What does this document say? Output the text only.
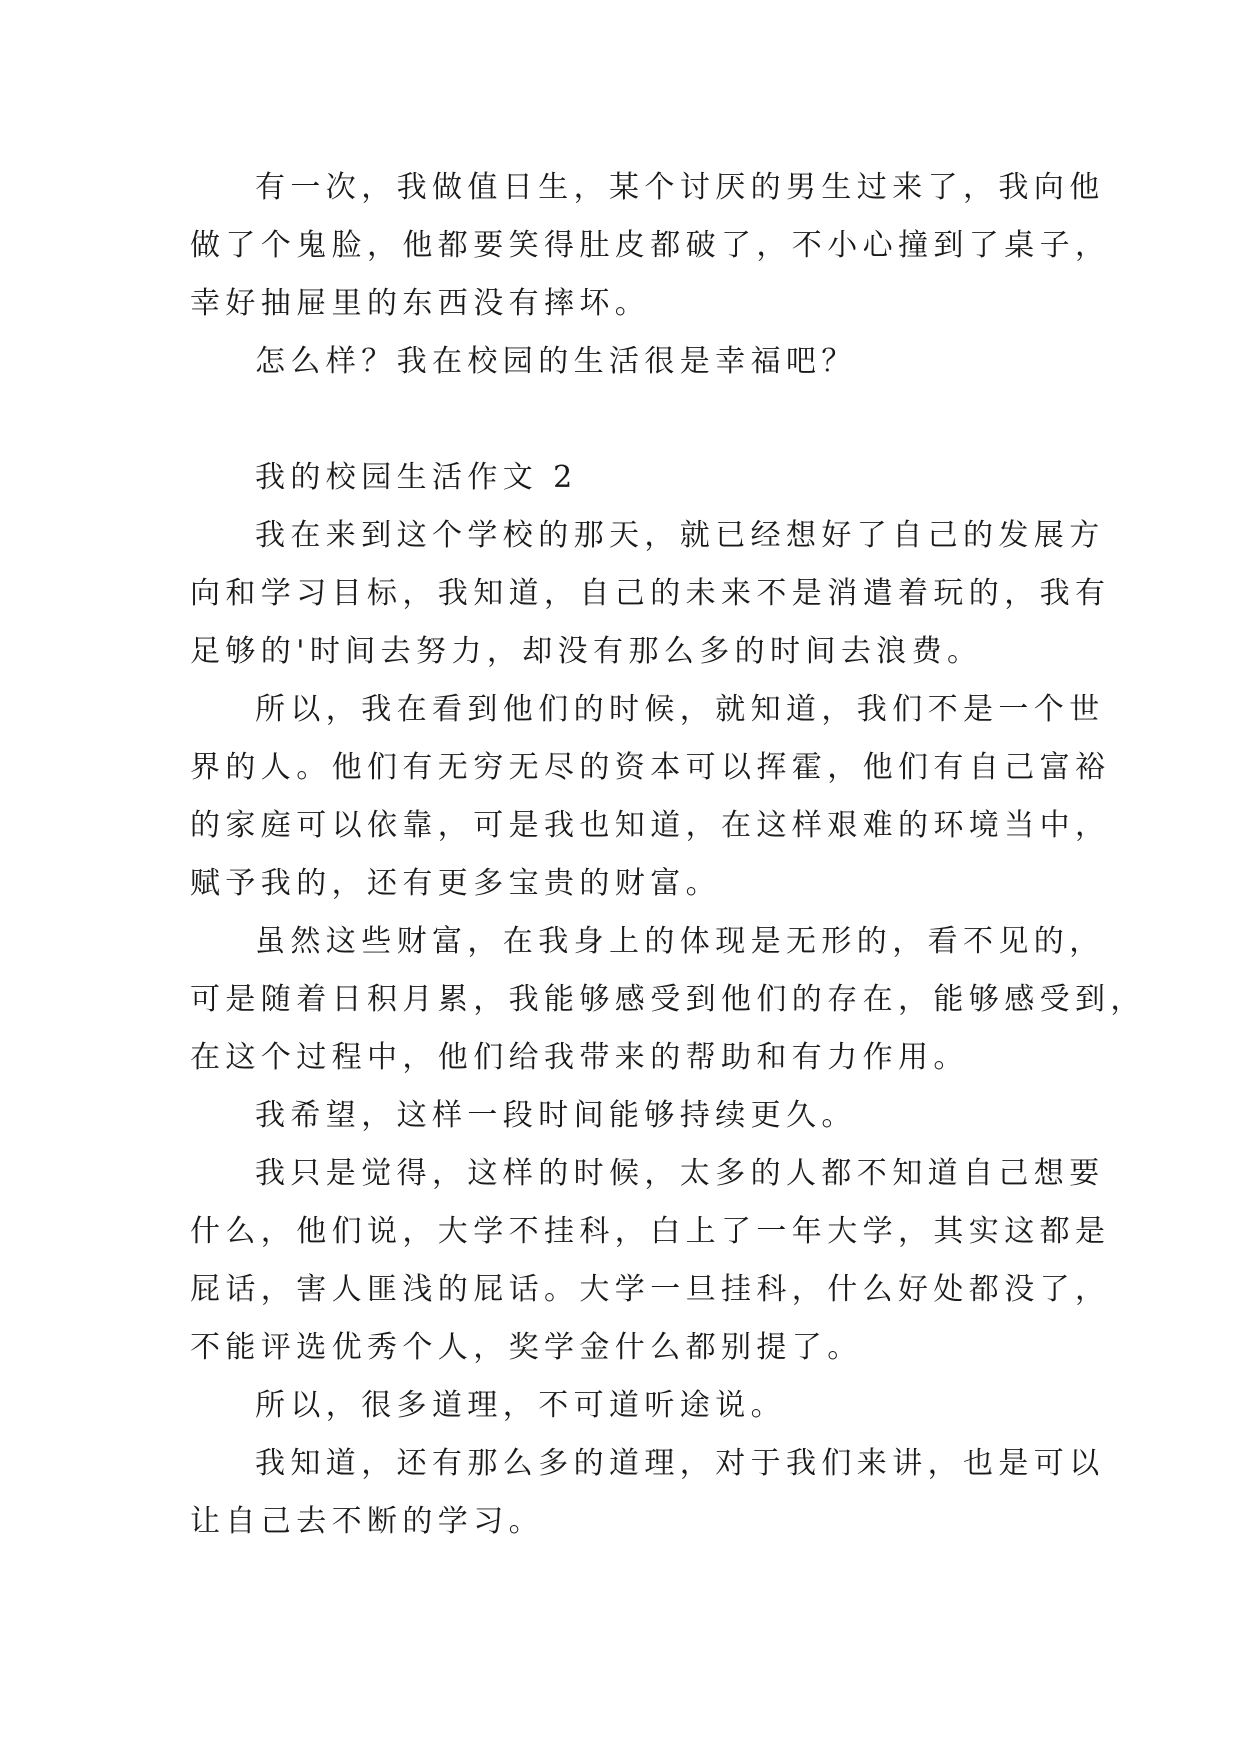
有一次，我做值日生，某个讨厌的男生过来了，我向他
做了个鬼脸，他都要笑得肚皮都破了，不小心撞到了桌子，
幸好抽屉里的东西没有摔坏。
怎么样？我在校园的生活很是幸福吧？
我的校园生活作文 2
我在来到这个学校的那天，就已经想好了自己的发展方
向和学习目标，我知道，自己的未来不是消遣着玩的，我有
足够的'时间去努力，却没有那么多的时间去浪费。
所以，我在看到他们的时候，就知道，我们不是一个世
界的人。他们有无穷无尽的资本可以挥霍，他们有自己富裕
的家庭可以依靠，可是我也知道，在这样艰难的环境当中，
赋予我的，还有更多宝贵的财富。
虽然这些财富，在我身上的体现是无形的，看不见的，
可是随着日积月累，我能够感受到他们的存在，能够感受到，
在这个过程中，他们给我带来的帮助和有力作用。
我希望，这样一段时间能够持续更久。
我只是觉得，这样的时候，太多的人都不知道自己想要
什么，他们说，大学不挂科，白上了一年大学，其实这都是
屁话，害人匪浅的屁话。大学一旦挂科，什么好处都没了，
不能评选优秀个人，奖学金什么都别提了。
所以，很多道理，不可道听途说。
我知道，还有那么多的道理，对于我们来讲，也是可以
让自己去不断的学习。
